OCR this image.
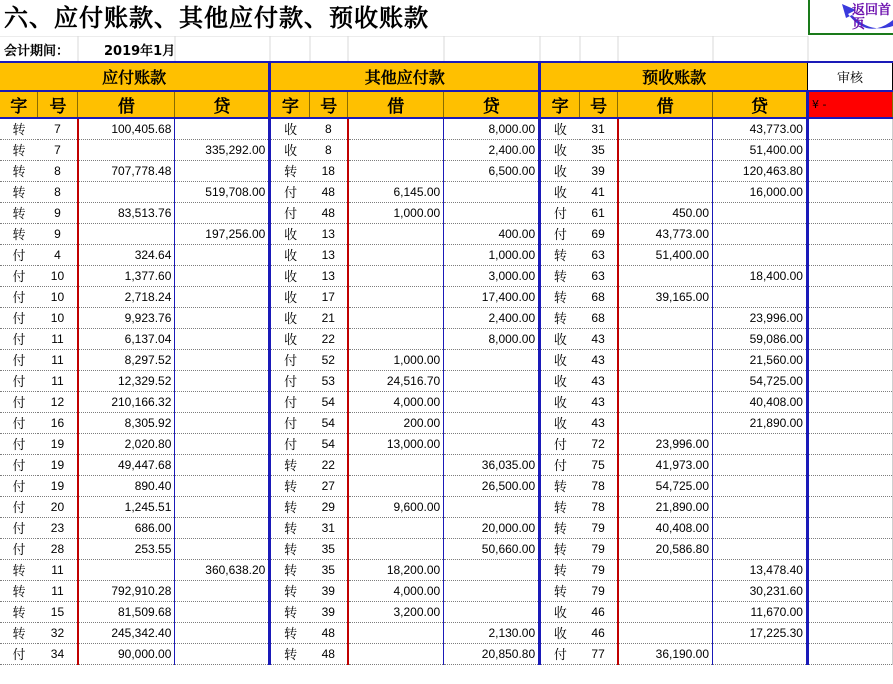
六、应付账款、其他应付款、预收账款
会计期间：	2019年1月
返回首页
应付账款				其他应付款				预收账款				审核
字	号	借	贷	字	号	借	贷	字	号	借	贷	¥ -
转	7	100,405.68		收	8		8,000.00	收	31		43,773.00	
转	7		335,292.00	收	8		2,400.00	收	35		51,400.00	
转	8	707,778.48		转	18		6,500.00	收	39		120,463.80	
转	8		519,708.00	付	48	6,145.00		收	41		16,000.00	
转	9	83,513.76		付	48	1,000.00		付	61	450.00		
转	9		197,256.00	收	13		400.00	付	69	43,773.00		
付	4	324.64		收	13		1,000.00	转	63	51,400.00		
付	10	1,377.60		收	13		3,000.00	转	63		18,400.00	
付	10	2,718.24		收	17		17,400.00	转	68	39,165.00		
付	10	9,923.76		收	21		2,400.00	转	68		23,996.00	
付	11	6,137.04		收	22		8,000.00	收	43		59,086.00	
付	11	8,297.52		付	52	1,000.00		收	43		21,560.00	
付	11	12,329.52		付	53	24,516.70		收	43		54,725.00	
付	12	210,166.32		付	54	4,000.00		收	43		40,408.00	
付	16	8,305.92		付	54	200.00		收	43		21,890.00	
付	19	2,020.80		付	54	13,000.00		付	72	23,996.00		
付	19	49,447.68		转	22		36,035.00	付	75	41,973.00		
付	19	890.40		转	27		26,500.00	转	78	54,725.00		
付	20	1,245.51		转	29	9,600.00		转	78	21,890.00		
付	23	686.00		转	31		20,000.00	转	79	40,408.00		
付	28	253.55		转	35		50,660.00	转	79	20,586.80		
转	11		360,638.20	转	35	18,200.00		转	79		13,478.40	
转	11	792,910.28		转	39	4,000.00		转	79		30,231.60	
转	15	81,509.68		转	39	3,200.00		收	46		11,670.00	
转	32	245,342.40		转	48		2,130.00	收	46		17,225.30	
付	34	90,000.00		转	48		20,850.80	付	77	36,190.00		
